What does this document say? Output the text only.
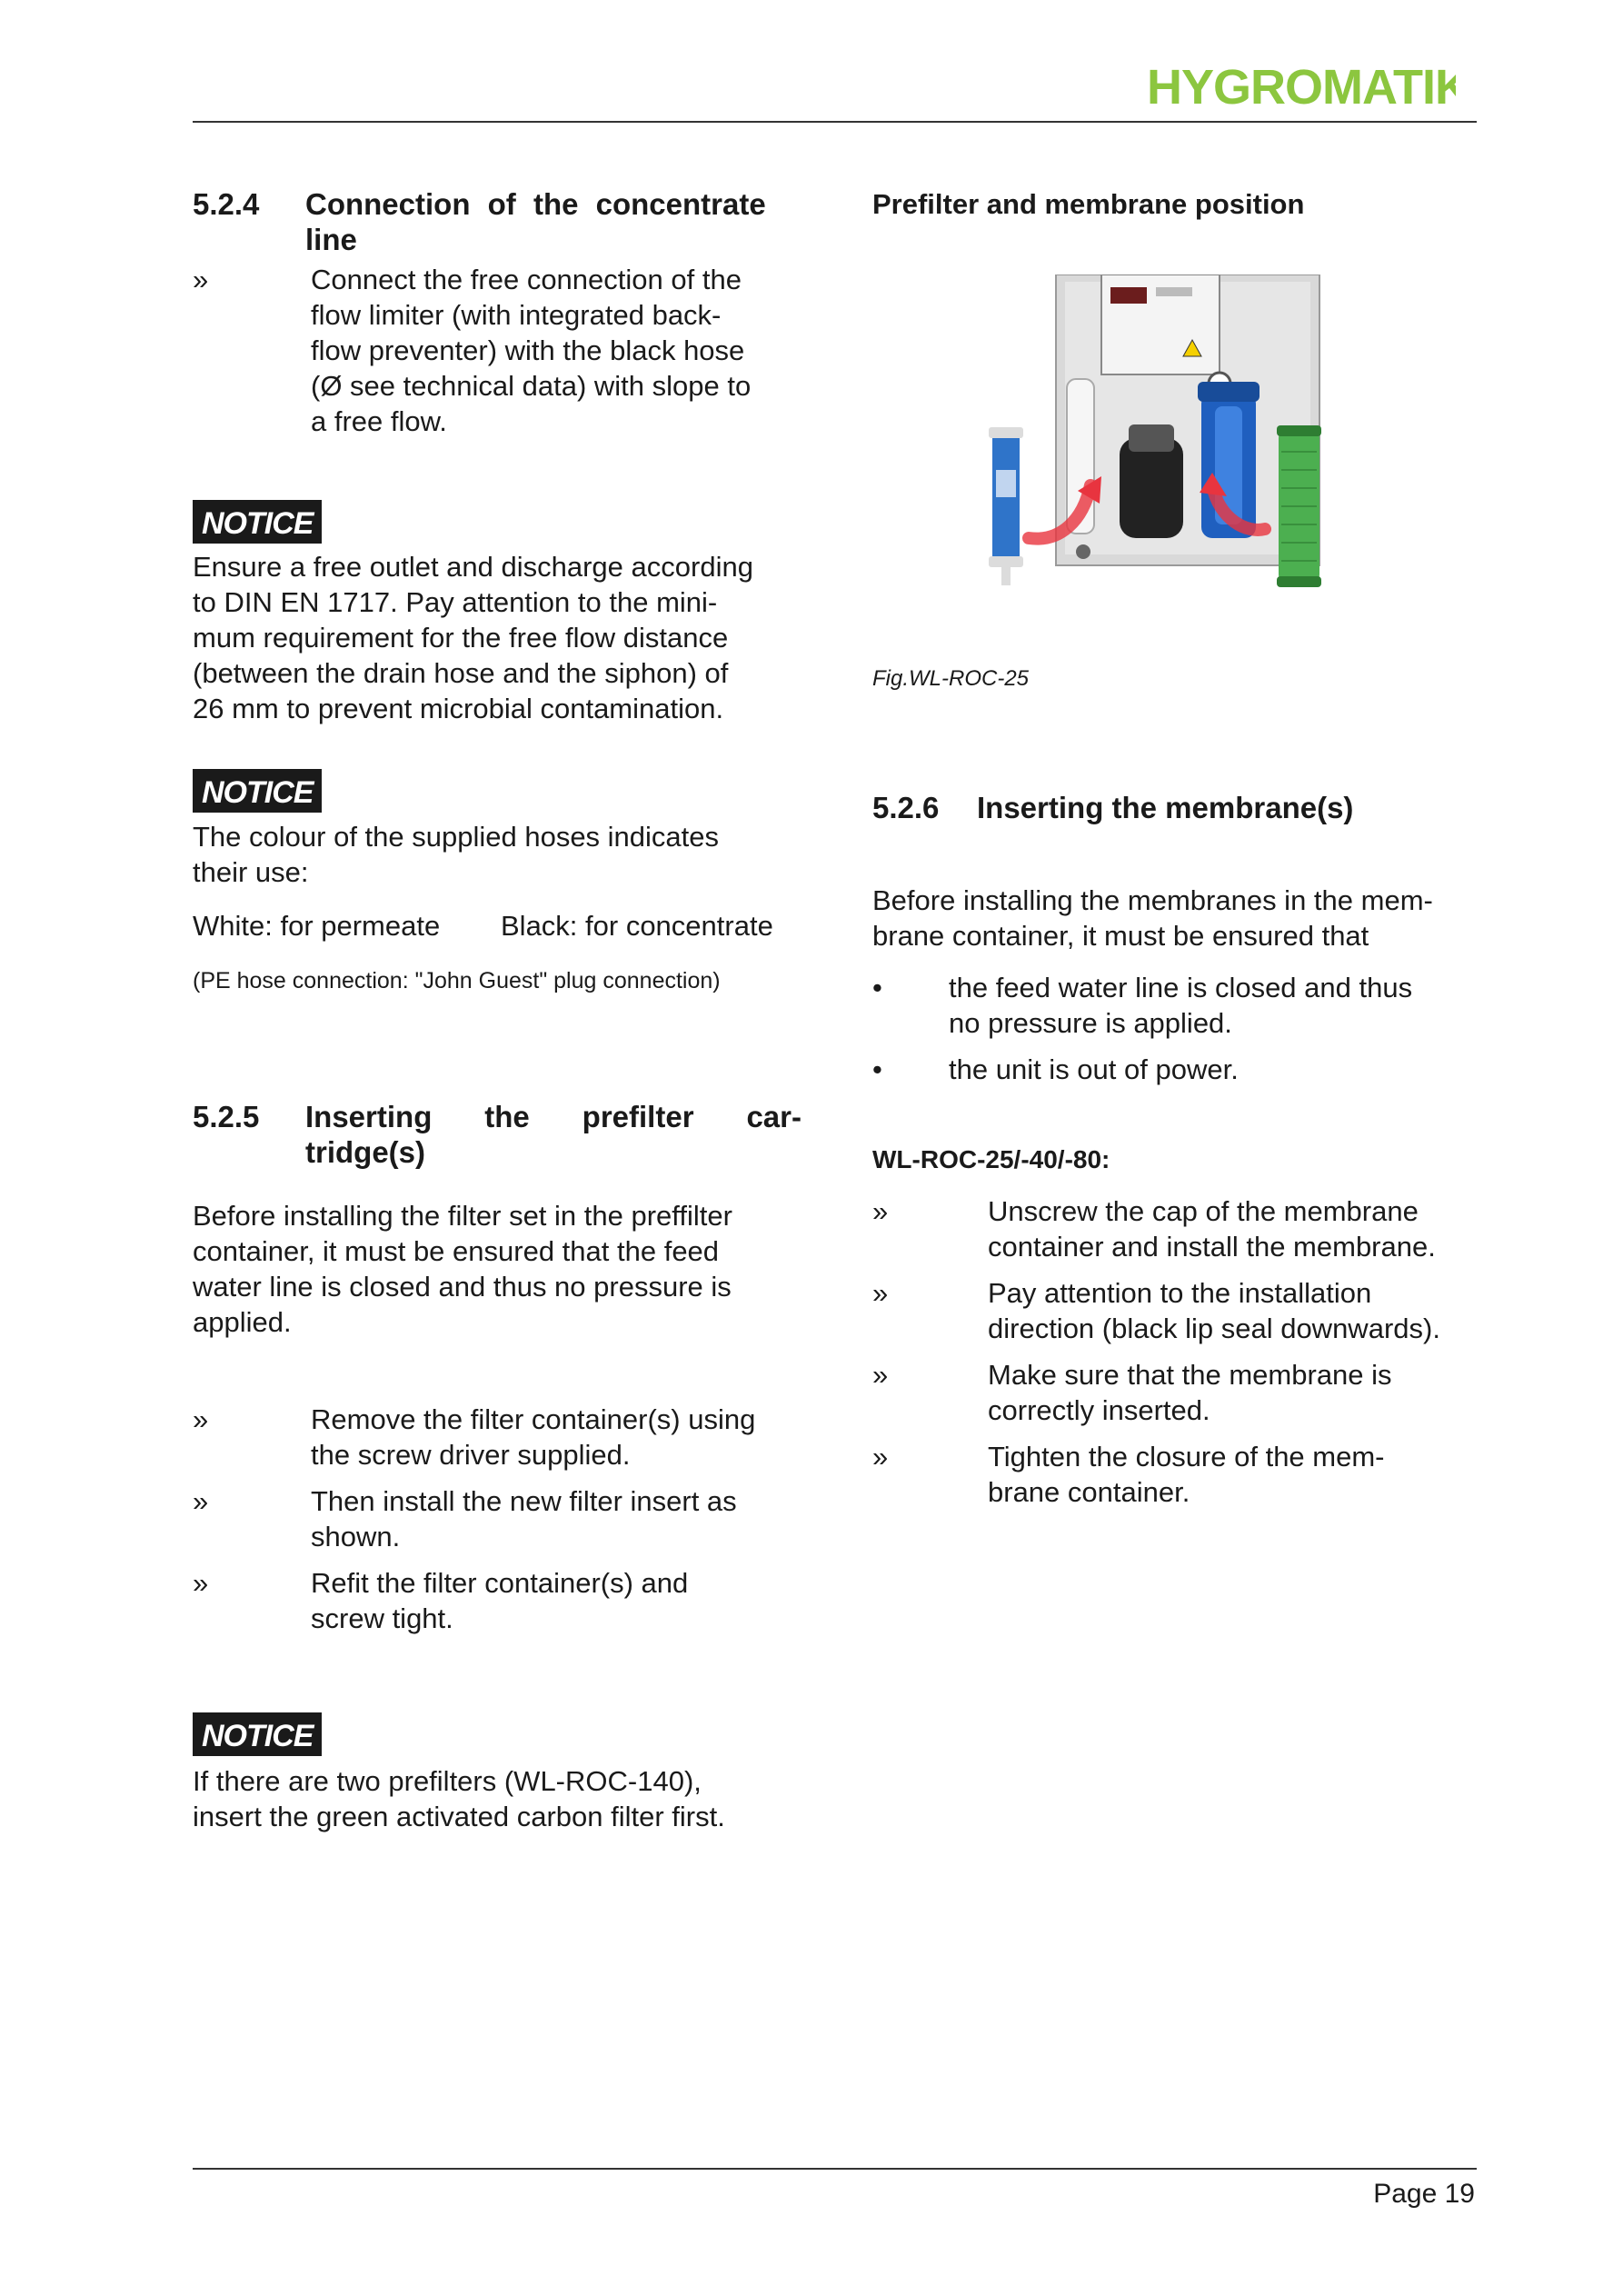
HYGROMATIK
5.2.4 Connection of the concentrate
line
»	Connect the free connection of the
flow limiter (with integrated back-
flow preventer) with the black hose
(Ø see technical data) with slope to
a free flow.
NOTICE
Ensure a free outlet and discharge according
to DIN EN 1717. Pay attention to the mini-
mum requirement for the free flow distance
(between the drain hose and the siphon) of
26 mm to prevent microbial contamination.
NOTICE
The colour of the supplied hoses indicates
their use:
White: for permeate Black: for concentrate
(PE hose connection: "John Guest" plug connection)
5.2.5 Inserting the prefilter car-
tridge(s)
Before installing the filter set in the preffilter
container, it must be ensured that the feed
water line is closed and thus no pressure is
applied.
»	Remove the filter container(s) using
the screw driver supplied.
»	Then install the new filter insert as
shown.
»	Refit the filter container(s) and
screw tight.
NOTICE
If there are two prefilters (WL-ROC-140),
insert the green activated carbon filter first.
Prefilter and membrane position
Fig.WL-ROC-25
5.2.6 Inserting the membrane(s)
Before installing the membranes in the mem-
brane container, it must be ensured that
•	the feed water line is closed and thus
no pressure is applied.
•	the unit is out of power.
WL-ROC-25/-40/-80:
»	Unscrew the cap of the membrane
container and install the membrane.
»	Pay attention to the installation
direction (black lip seal downwards).
»	Make sure that the membrane is
correctly inserted.
»	Tighten the closure of the mem-
brane container.
Page 19
